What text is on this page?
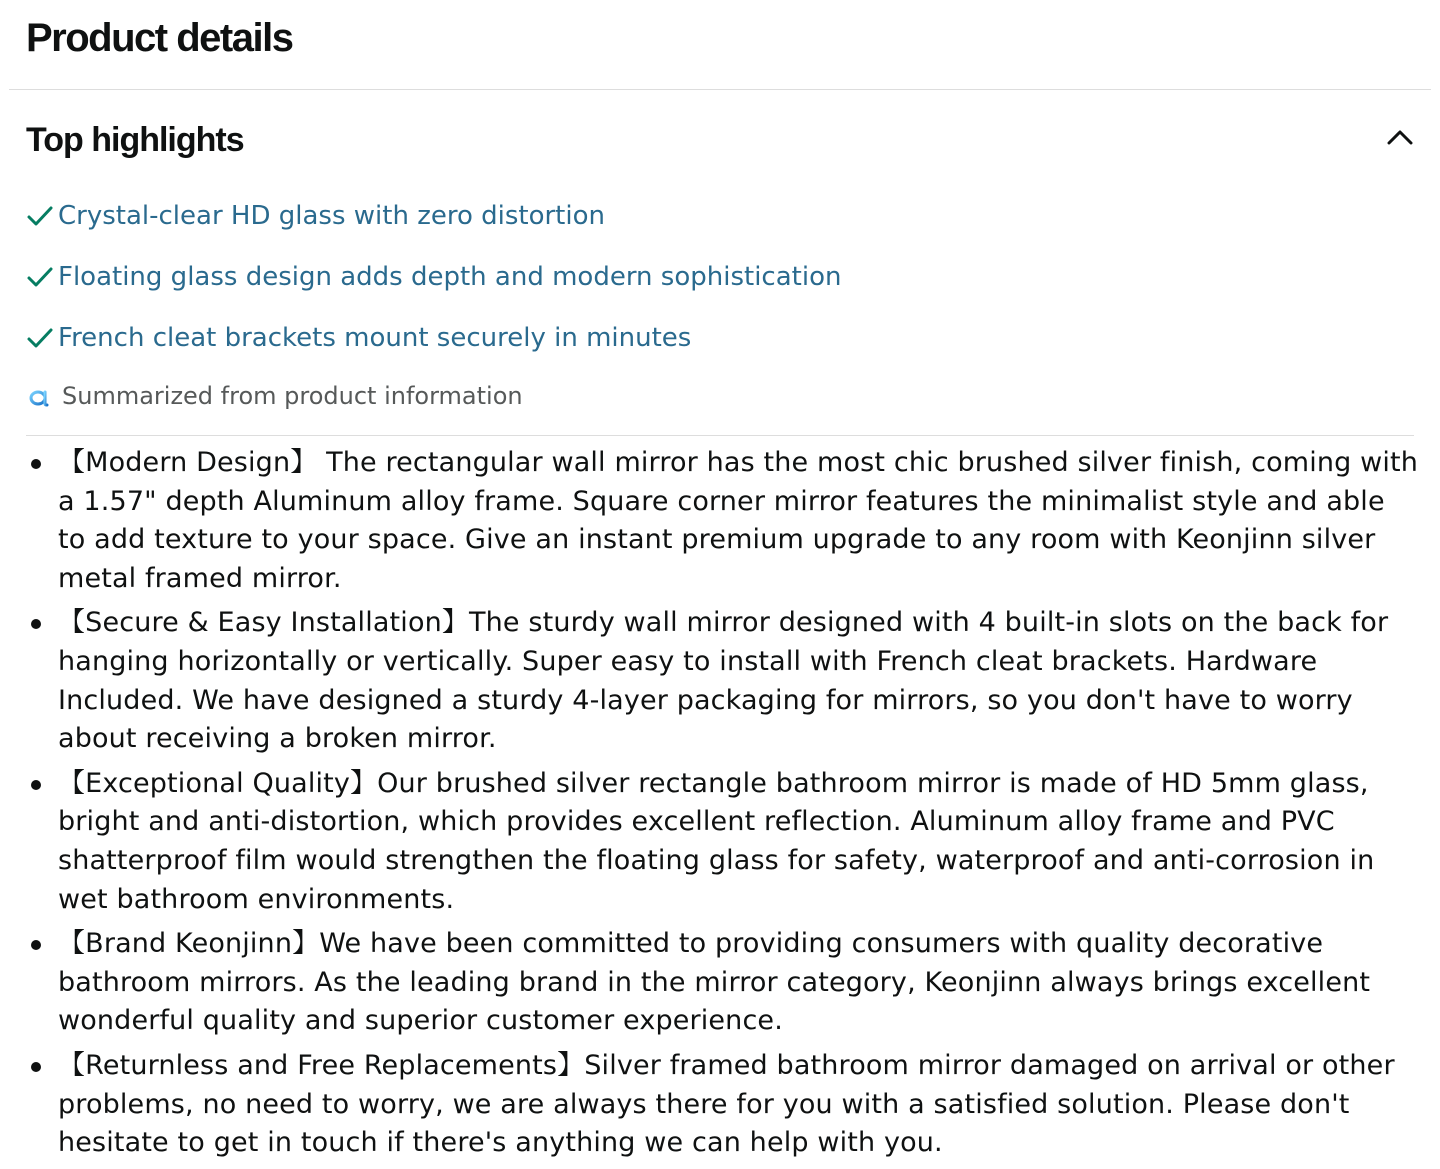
Product details
Top highlights
Crystal-clear HD glass with zero distortion
Floating glass design adds depth and modern sophistication
French cleat brackets mount securely in minutes
Summarized from product information
【Modern Design】 The rectangular wall mirror has the most chic brushed silver finish, coming with a 1.57" depth Aluminum alloy frame. Square corner mirror features the minimalist style and able to add texture to your space. Give an instant premium upgrade to any room with Keonjinn silver metal framed mirror.
【Secure & Easy Installation】The sturdy wall mirror designed with 4 built-in slots on the back for hanging horizontally or vertically. Super easy to install with French cleat brackets. Hardware Included. We have designed a sturdy 4-layer packaging for mirrors, so you don't have to worry about receiving a broken mirror.
【Exceptional Quality】Our brushed silver rectangle bathroom mirror is made of HD 5mm glass, bright and anti-distortion, which provides excellent reflection. Aluminum alloy frame and PVC shatterproof film would strengthen the floating glass for safety, waterproof and anti-corrosion in wet bathroom environments.
【Brand Keonjinn】We have been committed to providing consumers with quality decorative bathroom mirrors. As the leading brand in the mirror category, Keonjinn always brings excellent wonderful quality and superior customer experience.
【Returnless and Free Replacements】Silver framed bathroom mirror damaged on arrival or other problems, no need to worry, we are always there for you with a satisfied solution. Please don't hesitate to get in touch if there's anything we can help with you.
